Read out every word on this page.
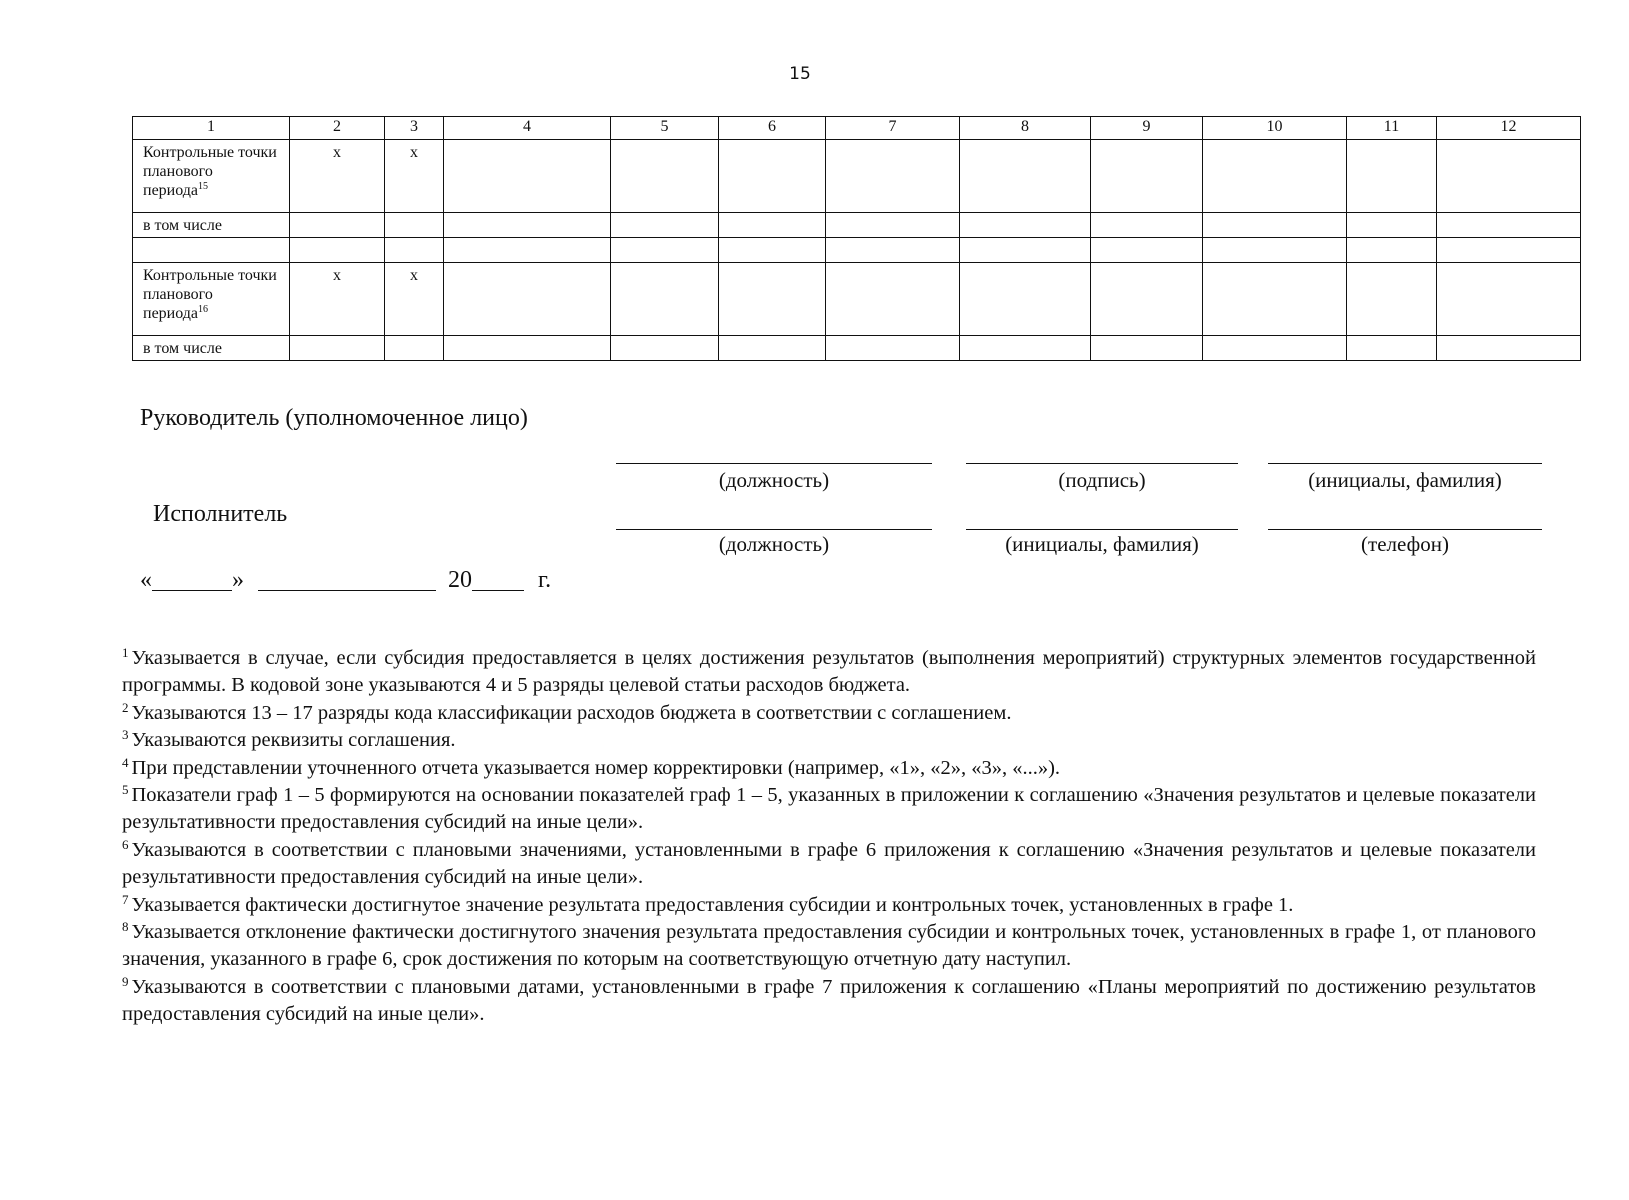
15
1	2	3	4	5	6	7	8	9	10	11	12
Контрольные точки планового периода$^{15}$	x	x									
в том числе											

Контрольные точки планового периода$^{16}$	x	x									
в том числе											
Руководитель (уполномоченное лицо)
(должность)	(подпись)	(инициалы, фамилия)
Исполнитель
(должность)	(инициалы, фамилия)	(телефон)
«	»	20	г.

$^1$ Указывается в случае, если субсидия предоставляется в целях достижения результатов (выполнения мероприятий) структурных элементов государственной программы. В кодовой зоне указываются 4 и 5 разряды целевой статьи расходов бюджета.

$^2$ Указываются 13 – 17 разряды кода классификации расходов бюджета в соответствии с соглашением.

$^3$ Указываются реквизиты соглашения.

$^4$ При представлении уточненного отчета указывается номер корректировки (например, «1», «2», «3», «...»).

$^5$ Показатели граф 1 – 5 формируются на основании показателей граф 1 – 5, указанных в приложении к соглашению «Значения результатов и целевые показатели результативности предоставления субсидий на иные цели».

$^6$ Указываются в соответствии с плановыми значениями, установленными в графе 6 приложения к соглашению «Значения результатов и целевые показатели результативности предоставления субсидий на иные цели».

$^7$ Указывается фактически достигнутое значение результата предоставления субсидии и контрольных точек, установленных в графе 1.

$^8$ Указывается отклонение фактически достигнутого значения результата предоставления субсидии и контрольных точек, установленных в графе 1, от планового значения, указанного в графе 6, срок достижения по которым на соответствующую отчетную дату наступил.

$^9$ Указываются в соответствии с плановыми датами, установленными в графе 7 приложения к соглашению «Планы мероприятий по достижению результатов предоставления субсидий на иные цели».
